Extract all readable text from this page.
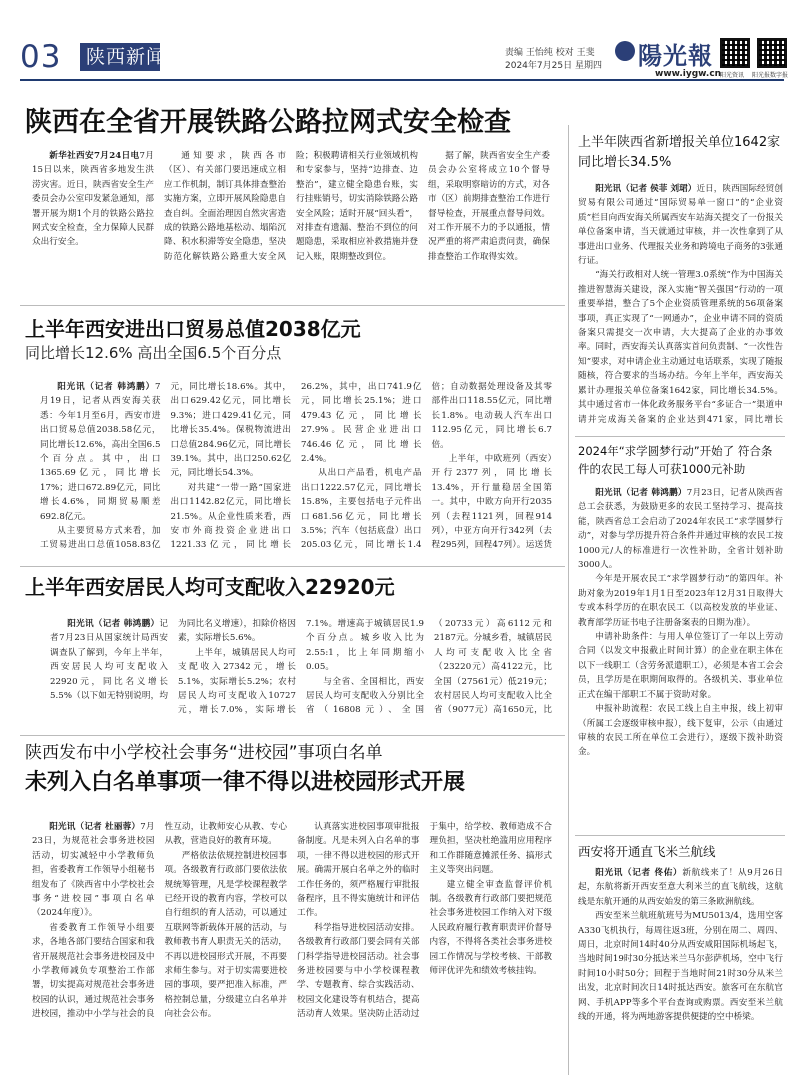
03 陕西新闻	责编 王怡纯 校对 王斐
2024年7月25日 星期四 陽光報
www.iygw.cn
阳光资讯 阳光报数字报
陕西在全省开展铁路公路拉网式安全检查

新华社西安7月24日电7月15日以来，陕西省多地发生洪涝灾害。近日，陕西省安全生产委员会办公室印发紧急通知，部署开展为期1个月的铁路公路拉网式安全检查，全力保障人民群众出行安全。

通知要求，陕西各市（区）、有关部门要迅速成立相应工作机制，制订具体排查整治实施方案，立即开展风险隐患自查自纠。全面治理因自然灾害造成的铁路公路地基松动、塌陷沉降、积水积滞等安全隐患，坚决防范化解铁路公路重大安全风险；积极聘请相关行业领域机构和专家参与，坚持“边排查、边整治”，建立健全隐患台账，实行挂账销号，切实消除铁路公路安全风险；适时开展“回头看”，对排查有遗漏、整治不到位的问题隐患，采取相应补救措施并登记入账，限期整改到位。

据了解，陕西省安全生产委员会办公室将成立10个督导组，采取明察暗访的方式，对各市（区）前期排查整治工作进行督导检查，开展重点督导问效。对工作开展不力的予以通报，情况严重的将严肃追责问责，确保排查整治工作取得实效。

上半年西安进出口贸易总值2038亿元
同比增长12.6% 高出全国6.5个百分点

阳光讯（记者 韩鸿鹏）7月19日，记者从西安海关获悉：今年1月至6月，西安市进出口贸易总值2038.58亿元，同比增长12.6%，高出全国6.5个百分点。其中，出口1365.69亿元，同比增长17%；进口672.89亿元，同比增长4.6%，同期贸易顺差692.8亿元。

从主要贸易方式来看，加工贸易进出口总值1058.83亿元，同比增长18.6%。其中，出口629.42亿元，同比增长9.3%；进口429.41亿元，同比增长35.4%。保税物流进出口总值284.96亿元，同比增长39.1%。其中，出口250.62亿元，同比增长54.3%。

对共建“一带一路”国家进出口1142.82亿元，同比增长21.5%。从企业性质来看，西安市外商投资企业进出口1221.33亿元，同比增长26.2%，其中，出口741.9亿元，同比增长25.1%；进口479.43亿元，同比增长27.9%。民营企业进出口746.46亿元，同比增长2.4%。

从出口产品看，机电产品出口1222.57亿元，同比增长15.8%，主要包括电子元件出口681.56亿元，同比增长3.5%；汽车（包括底盘）出口205.03亿元，同比增长1.4倍；自动数据处理设备及其零部件出口118.55亿元，同比增长1.8%。电动载人汽车出口112.95亿元，同比增长6.7倍。

上半年，中欧班列（西安）开行2377列，同比增长13.4%，开行量稳居全国第一。其中，中欧方向开行2035列（去程1121列，回程914列），中亚方向开行342列（去程295列，回程47列）。运送货

上半年西安居民人均可支配收入22920元

阳光讯（记者 韩鸿鹏）记者7月23日从国家统计局西安调查队了解到，今年上半年，西安居民人均可支配收入22920元，同比名义增长5.5%（以下如无特别说明，均为同比名义增速），扣除价格因素，实际增长5.6%。

上半年，城镇居民人均可支配收入27342元，增长5.1%，实际增长5.2%；农村居民人均可支配收入10727元，增长7.0%，实际增长7.1%。增速高于城镇居民1.9个百分点。城乡收入比为2.55:1，比上年同期缩小0.05。

与全省、全国相比，西安居民人均可支配收入分别比全省（16808元）、全国（20733元）高6112元和2187元。分城乡看，城镇居民人均可支配收入比全省（23220元）高4122元，比全国（27561元）低219元；农村居民人均可支配收入比全省（9077元）高1650元，比

陕西发布中小学校社会事务“进校园”事项白名单
未列入白名单事项一律不得以进校园形式开展

阳光讯（记者 杜丽蓉）7月23日，为规范社会事务进校园活动，切实减轻中小学教师负担，省委教育工作领导小组秘书组发布了《陕西省中小学校社会事务“进校园”事项白名单（2024年度）》。

省委教育工作领导小组要求，各地各部门要结合国家和我省开展规范社会事务进校园及中小学教师减负专项整治工作部署，切实提高对规范社会事务进校园的认识，通过规范社会事务进校园，推动中小学与社会的良性互动，让教师安心从教、专心从教，营造良好的教育环境。

严格依法依规控制进校园事项。各级教育行政部门要依法依规统筹管理，凡是学校课程教学已经开设的教育内容，学校可以自行组织的育人活动，可以通过互联网等新载体开展的活动，与教师教书育人职责无关的活动，不再以进校园形式开展，不再要求师生参与。对于切实需要进校园的事项，要严把准入标准，严格控制总量，分级建立白名单并向社会公布。

认真落实进校园事项审批报备制度。凡是未列入白名单的事项，一律不得以进校园的形式开展。确需开展白名单之外的临时工作任务的，须严格履行审批报备程序，且不得实施统计和评估工作。

科学指导进校园活动安排。各级教育行政部门要会同有关部门科学指导进校园活动。社会事务进校园要与中小学校课程教学、专题教育、综合实践活动、校园文化建设等有机结合，提高活动育人效果。坚决防止活动过于集中，给学校、教师造成不合理负担，坚决杜绝滥用应用程序和工作群随意摊派任务、搞形式主义等突出问题。

建立健全审查监督评价机制。各级教育行政部门要把规范社会事务进校园工作纳入对下级人民政府履行教育职责评价督导内容，不得将各类社会事务进校园工作情况与学校考核、干部教师评优评先和绩效考核挂钩。

上半年陕西省新增报关单位1642家 同比增长34.5%

阳光讯（记者 侯菲 刘珺）近日，陕西国际经贸创贸易有限公司通过“国际贸易单一窗口”的“企业资质”栏目向西安海关所属西安车站海关提交了一份报关单位备案申请，当天就通过审核，并一次性拿到了从事进出口业务、代理报关业务和跨境电子商务的3张通行证。

“海关行政相对人统一管理3.0系统”作为中国海关推进智慧海关建设，深入实施“智关强国”行动的一项重要举措，整合了5个企业资质管理系统的56项备案事项，真正实现了“一网通办”，企业申请不同的资质备案只需提交一次申请，大大提高了企业的办事效率。同时，西安海关认真落实首问负责制、“一次性告知”要求，对申请企业主动通过电话联系，实现了随报随核，符合要求的当场办结。今年上半年，西安海关累计办理报关单位备案1642家，同比增长34.5%。其中通过省市一体化政务服务平台“多证合一”渠道申请并完成海关备案的企业达到471家，同比增长

2024年“求学圆梦行动”开始了 符合条件的农民工每人可获1000元补助

阳光讯（记者 韩鸿鹏）7月23日，记者从陕西省总工会获悉，为鼓励更多的农民工坚持学习、提高技能，陕西省总工会启动了2024年农民工“求学圆梦行动”，对参与学历提升符合条件并通过审核的农民工按1000元/人的标准进行一次性补助，全省计划补助3000人。

今年是开展农民工“求学圆梦行动”的第四年。补助对象为2019年1月1日至2023年12月31日取得大专或本科学历的在职农民工（以高校发放的毕业证、教育部学历证书电子注册备案表的日期为准）。

申请补助条件：与用人单位签订了一年以上劳动合同（以发文申报截止时间计算）的企业在职主体在以下一线职工（含劳务派遣职工），必须是本省工会会员，且学历是在职期间取得的。各级机关、事业单位正式在编干部职工不属于资助对象。

申报补助流程：农民工线上自主申报，线上初审（所属工会逐级审核申报），线下复审，公示（由通过审核的农民工所在单位工会进行），逐级下拨补助资金。

西安将开通直飞米兰航线

阳光讯（记者 佟佑）新航线来了！从9月26日起，东航将新开西安至意大利米兰的直飞航线，这航线是东航开通的从西安始发的第三条欧洲航线。

西安至米兰航班航班号为MU5013/4，选用空客A330飞机执行，每周往返3班，分别在周二、周四、周日，北京时间14时40分从西安咸阳国际机场起飞，当地时间19时30分抵达米兰马尔彭萨机场，空中飞行时间10小时50分；回程于当地时间21时30分从米兰出发，北京时间次日14时抵达西安。旅客可在东航官网、手机APP等多个平台查询或购票。西安至米兰航线的开通，将为两地游客提供便捷的空中桥梁。
